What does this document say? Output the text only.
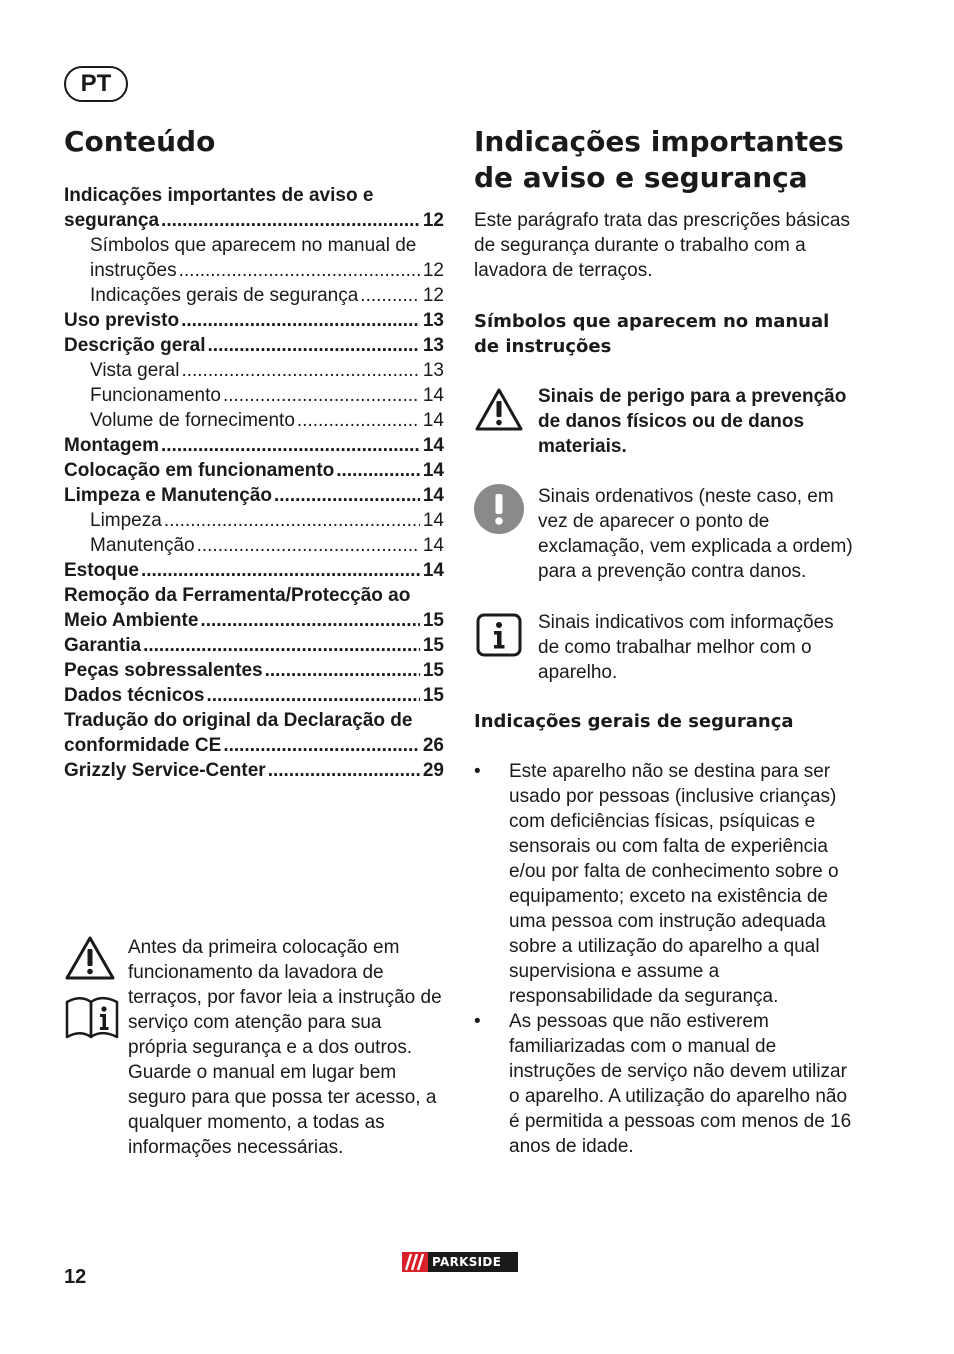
PT
Conteúdo
Indicações importantes de aviso e
segurança .....	12
Símbolos que aparecem no manual de
instruções .....	12
Indicações gerais de segurança .....	12
Uso previsto .....	13
Descrição geral .....	13
Vista geral .....	13
Funcionamento .....	14
Volume de fornecimento .....	14
Montagem .....	14
Colocação em funcionamento .....	14
Limpeza e Manutenção .....	14
Limpeza .....	14
Manutenção .....	14
Estoque .....	14
Remoção da Ferramenta/Protecção ao
Meio Ambiente .....	15
Garantia .....	15
Peças sobressalentes .....	15
Dados técnicos .....	15
Tradução do original da Declaração de
conformidade CE .....	26
Grizzly Service-Center .....	29

Antes da primeira colocação em funcionamento da lavadora de terraços, por favor leia a instrução de serviço com atenção para sua própria segurança e a dos outros. Guarde o manual em lugar bem seguro para que possa ter acesso, a qualquer momento, a todas as informações necessárias.

Indicações importantes
de aviso e segurança

Este parágrafo trata das prescrições básicas de segurança durante o trabalho com a lavadora de terraços.

Símbolos que aparecem no manual de instruções

Sinais de perigo para a prevenção de danos físicos ou de danos materiais.

Sinais ordenativos (neste caso, em vez de aparecer o ponto de exclamação, vem explicada a ordem) para a prevenção contra danos.

Sinais indicativos com informações de como trabalhar melhor com o aparelho.

Indicações gerais de segurança
• Este aparelho não se destina para ser usado por pessoas (inclusive crianças) com deficiências físicas, psíquicas e sensorais ou com falta de experiência e/ou por falta de conhecimento sobre o equipamento; exceto na existência de uma pessoa com instrução adequada sobre a utilização do aparelho a qual supervisiona e assume a responsabilidade da segurança.
• As pessoas que não estiverem familiarizadas com o manual de instruções de serviço não devem utilizar o aparelho. A utilização do aparelho não é permitida a pessoas com menos de 16 anos de idade.
12
PARKSIDE
